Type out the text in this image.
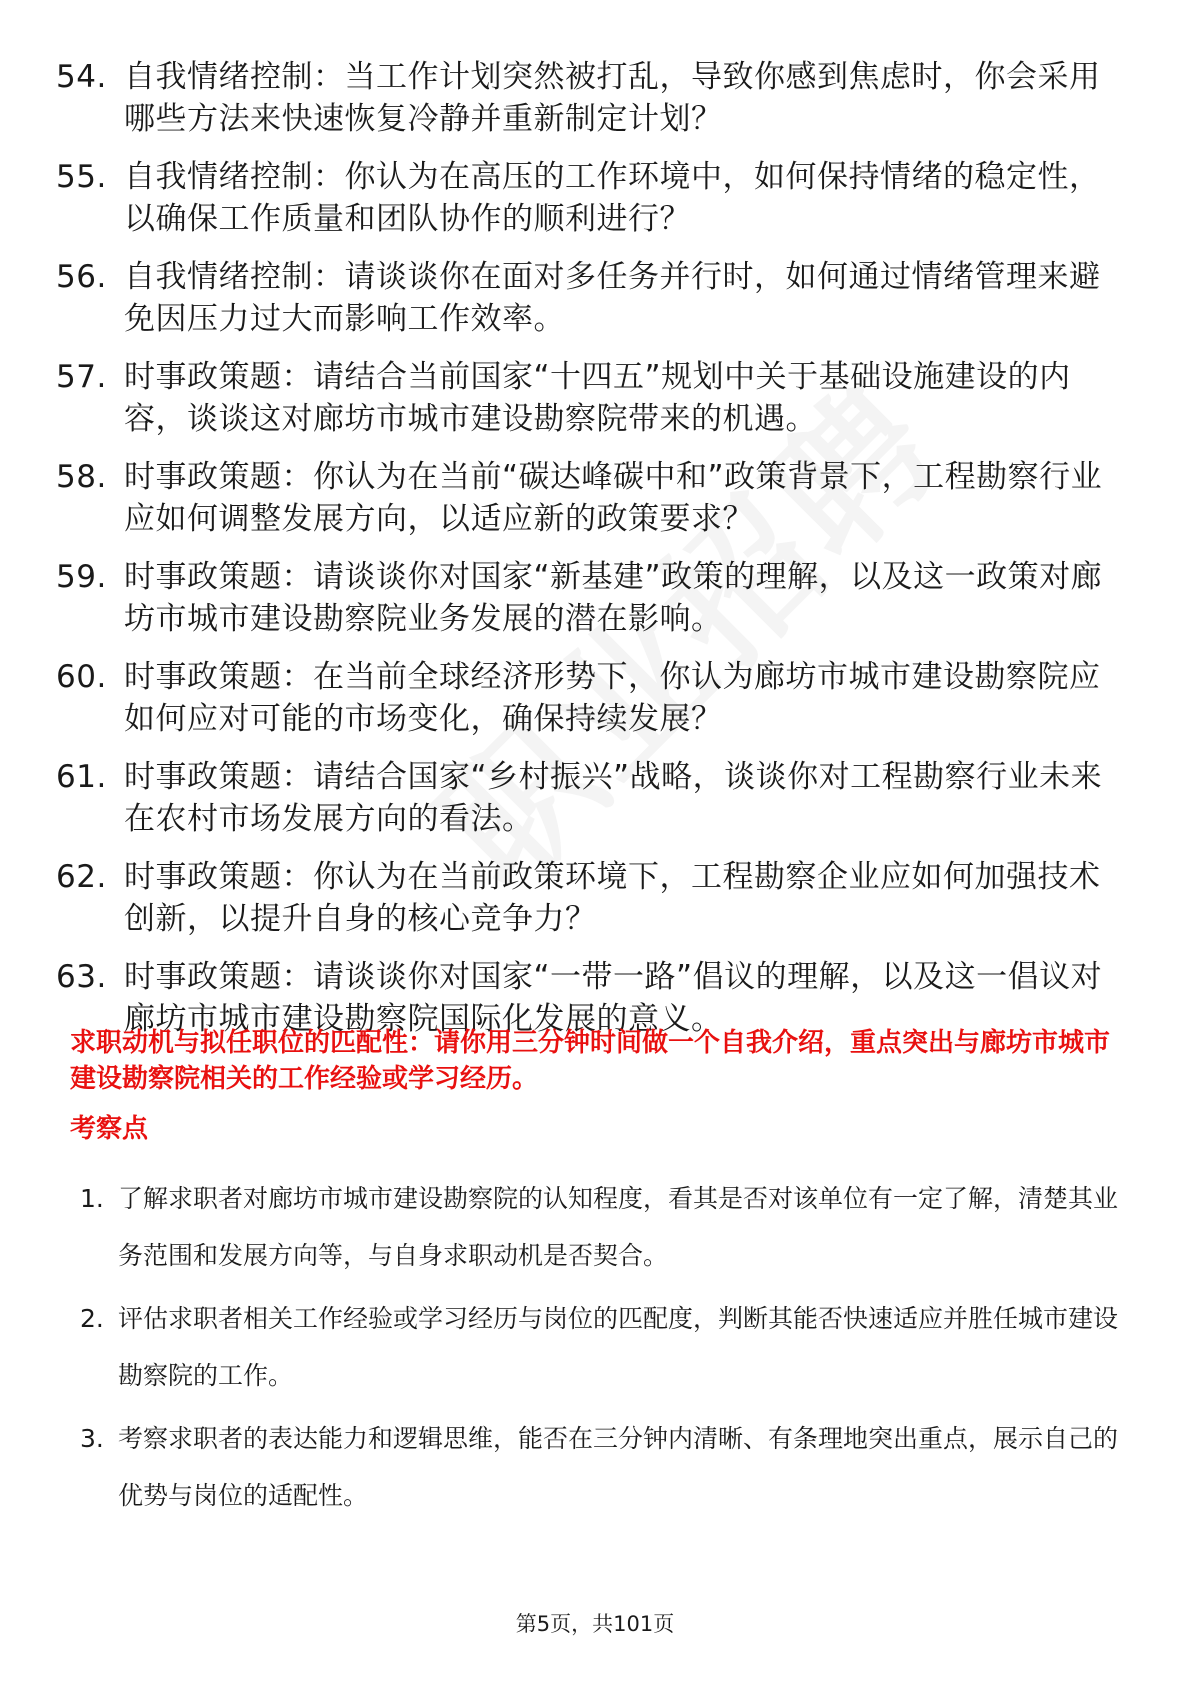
54. 自我情绪控制：当工作计划突然被打乱，导致你感到焦虑时，你会采用哪些方法来快速恢复冷静并重新制定计划？
55. 自我情绪控制：你认为在高压的工作环境中，如何保持情绪的稳定性，以确保工作质量和团队协作的顺利进行？
56. 自我情绪控制：请谈谈你在面对多任务并行时，如何通过情绪管理来避免因压力过大而影响工作效率。
57. 时事政策题：请结合当前国家“十四五”规划中关于基础设施建设的内容，谈谈这对廊坊市城市建设勘察院带来的机遇。
58. 时事政策题：你认为在当前“碳达峰碳中和”政策背景下，工程勘察行业应如何调整发展方向，以适应新的政策要求？
59. 时事政策题：请谈谈你对国家“新基建”政策的理解，以及这一政策对廊坊市城市建设勘察院业务发展的潜在影响。
60. 时事政策题：在当前全球经济形势下，你认为廊坊市城市建设勘察院应如何应对可能的市场变化，确保持续发展？
61. 时事政策题：请结合国家“乡村振兴”战略，谈谈你对工程勘察行业未来在农村市场发展方向的看法。
62. 时事政策题：你认为在当前政策环境下，工程勘察企业应如何加强技术创新，以提升自身的核心竞争力？
63. 时事政策题：请谈谈你对国家“一带一路”倡议的理解，以及这一倡议对廊坊市城市建设勘察院国际化发展的意义。
求职动机与拟任职位的匹配性：请你用三分钟时间做一个自我介绍，重点突出与廊坊市城市建设勘察院相关的工作经验或学习经历。
考察点
1. 了解求职者对廊坊市城市建设勘察院的认知程度，看其是否对该单位有一定了解，清楚其业务范围和发展方向等，与自身求职动机是否契合。
2. 评估求职者相关工作经验或学习经历与岗位的匹配度，判断其能否快速适应并胜任城市建设勘察院的工作。
3. 考察求职者的表达能力和逻辑思维，能否在三分钟内清晰、有条理地突出重点，展示自己的优势与岗位的适配性。
第5页，共101页
